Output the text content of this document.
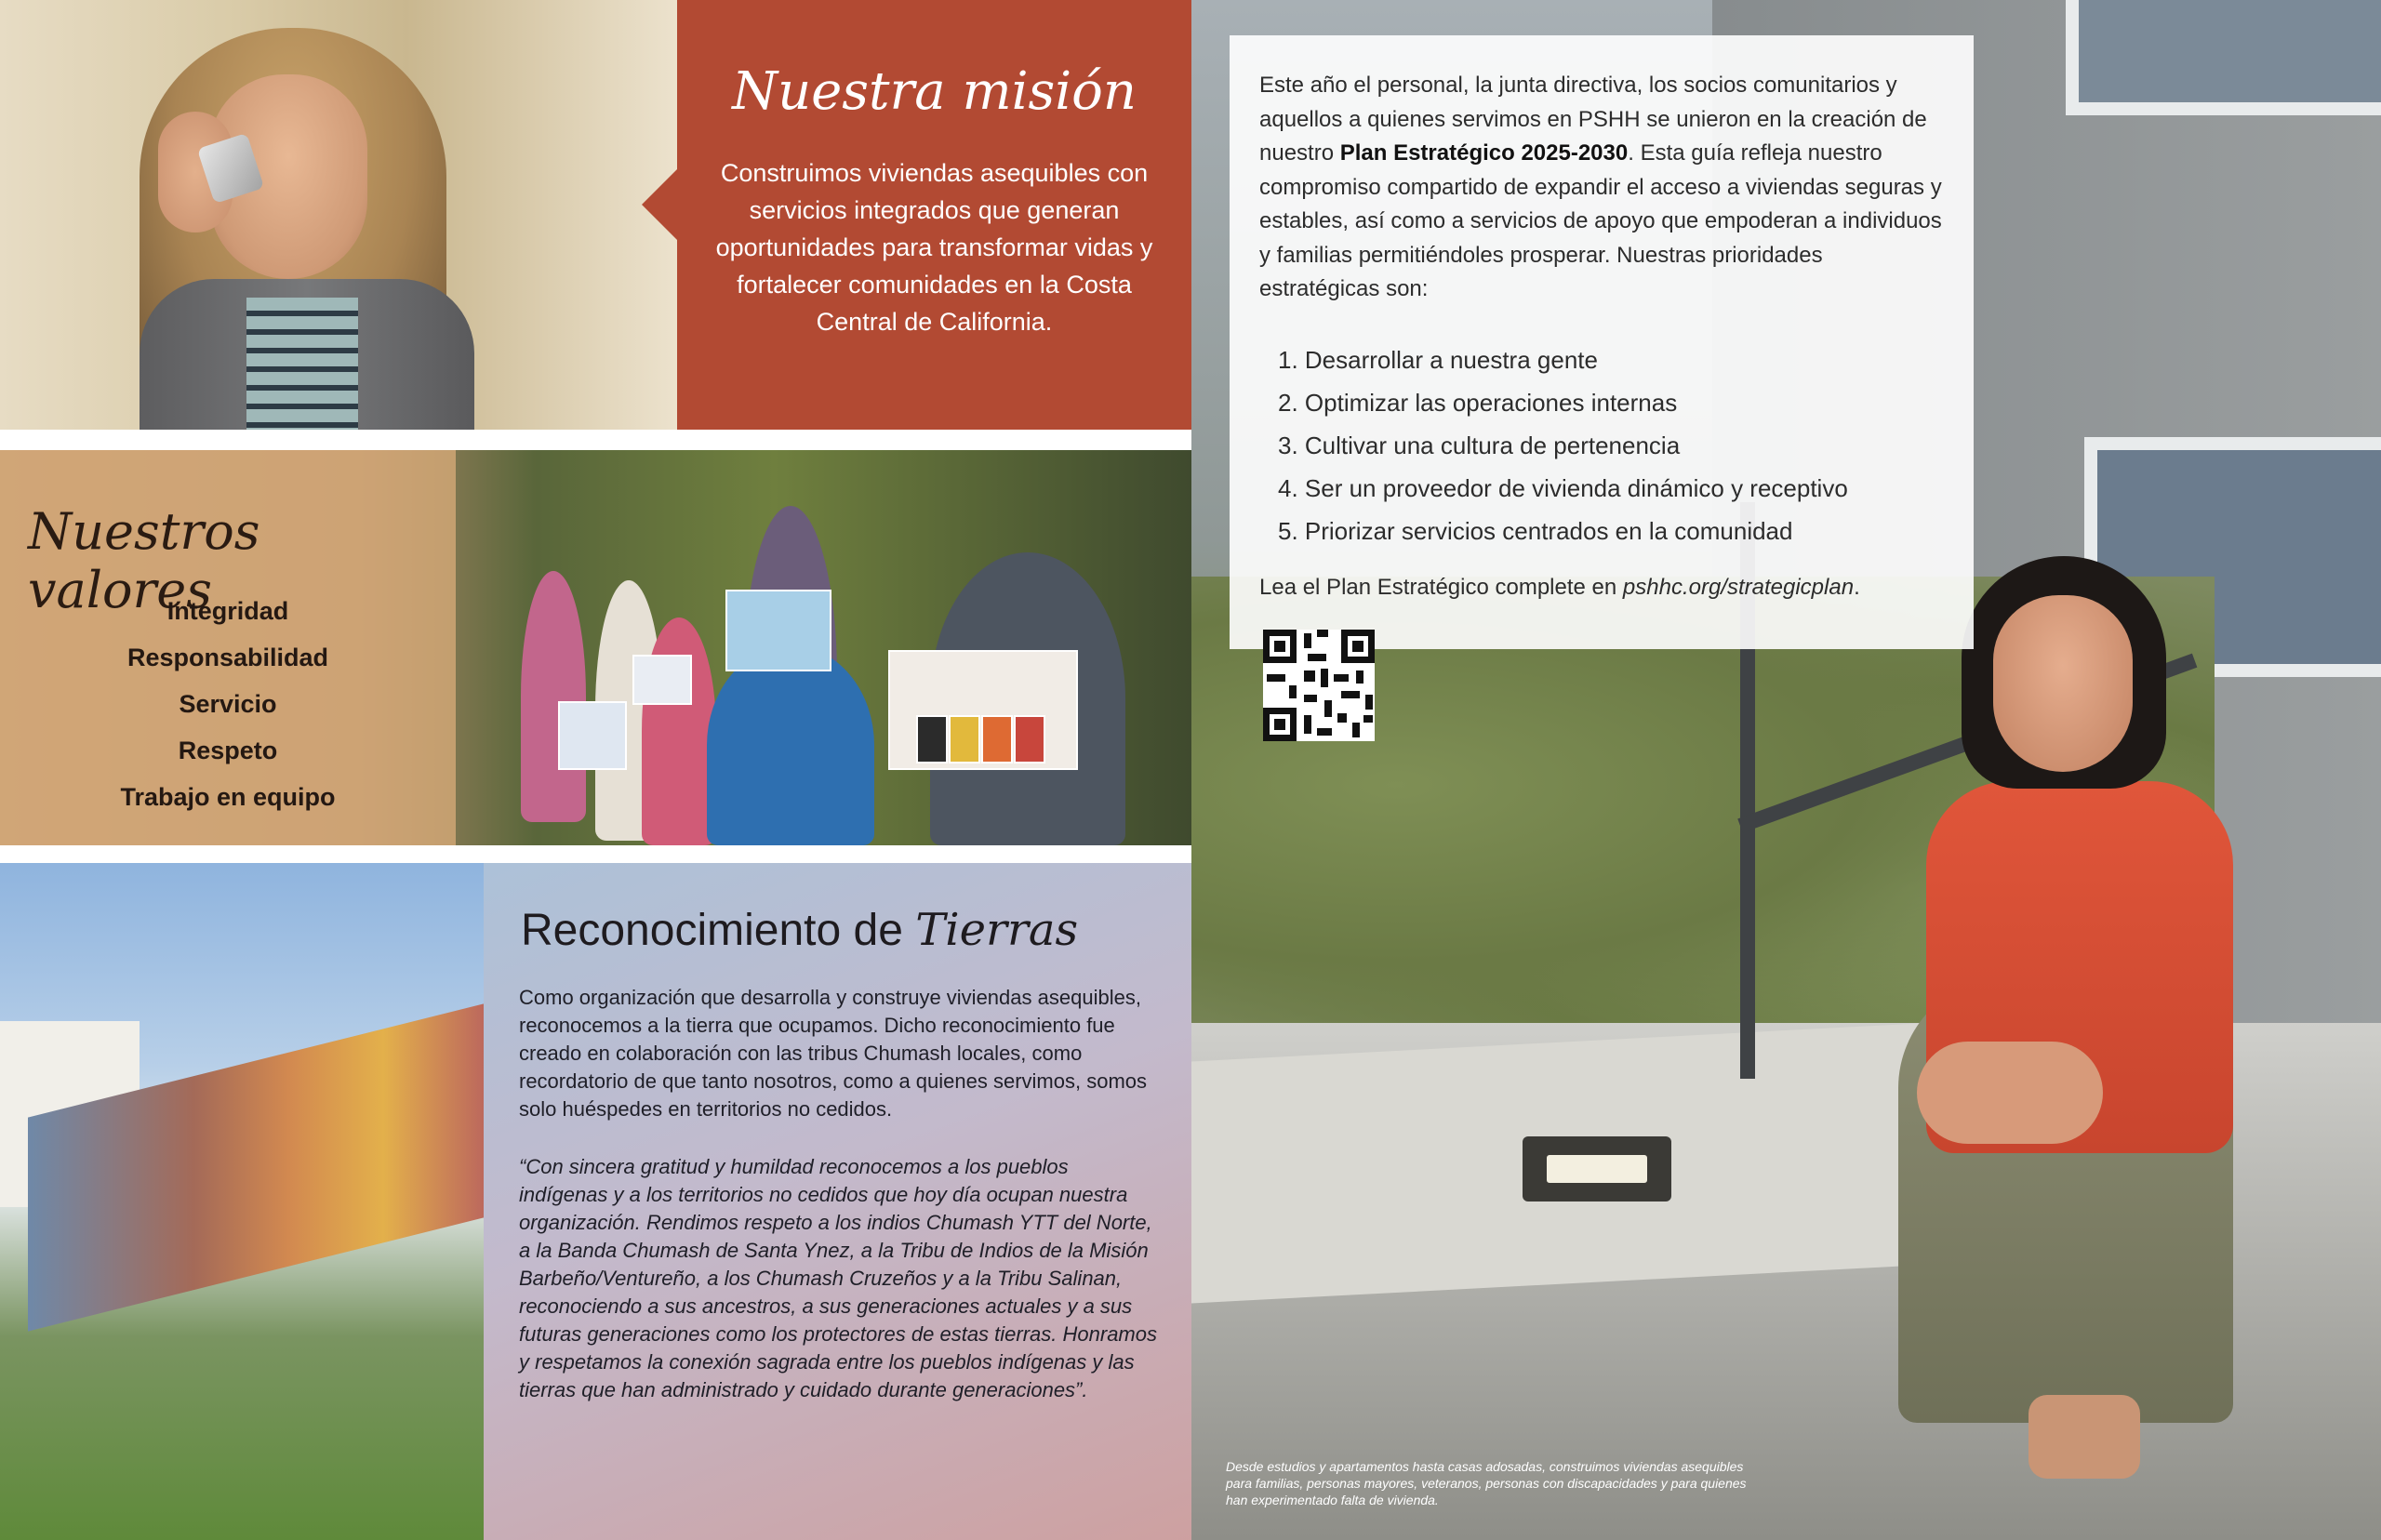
Nuestra misión
Construimos viviendas asequibles con servicios integrados que generan oportunidades para transformar vidas y fortalecer comunidades en la Costa Central de California.
Nuestros valores
Integridad
Responsabilidad
Servicio
Respeto
Trabajo en equipo
Reconocimiento de Tierras
Como organización que desarrolla y construye viviendas asequibles, reconocemos a la tierra que ocupamos. Dicho reconocimiento fue creado en colaboración con las tribus Chumash locales, como recordatorio de que tanto nosotros, como a quienes servimos, somos solo huéspedes en territorios no cedidos.
“Con sincera gratitud y humildad reconocemos a los pueblos indígenas y a los territorios no cedidos que hoy día ocupan nuestra organización. Rendimos respeto a los indios Chumash YTT del Norte, a la Banda Chumash de Santa Ynez, a la Tribu de Indios de la Misión Barbeño/Ventureño, a los Chumash Cruzeños y a la Tribu Salinan, reconociendo a sus ancestros, a sus generaciones actuales y a sus futuras generaciones como los protectores de estas tierras. Honramos y respetamos la conexión sagrada entre los pueblos indígenas y las tierras que han administrado y cuidado durante generaciones”.
Este año el personal, la junta directiva, los socios comunitarios y aquellos a quienes servimos en PSHH se unieron en la creación de nuestro Plan Estratégico 2025-2030. Esta guía refleja nuestro compromiso compartido de expandir el acceso a viviendas seguras y estables, así como a servicios de apoyo que empoderan a individuos y familias permitiéndoles prosperar. Nuestras prioridades estratégicas son:
1. Desarrollar a nuestra gente
2. Optimizar las operaciones internas
3. Cultivar una cultura de pertenencia
4. Ser un proveedor de vivienda dinámico y receptivo
5. Priorizar servicios centrados en la comunidad
Lea el Plan Estratégico complete en pshhc.org/strategicplan.
Desde estudios y apartamentos hasta casas adosadas, construimos viviendas asequibles para familias, personas mayores, veteranos, personas con discapacidades y para quienes han experimentado falta de vivienda.
